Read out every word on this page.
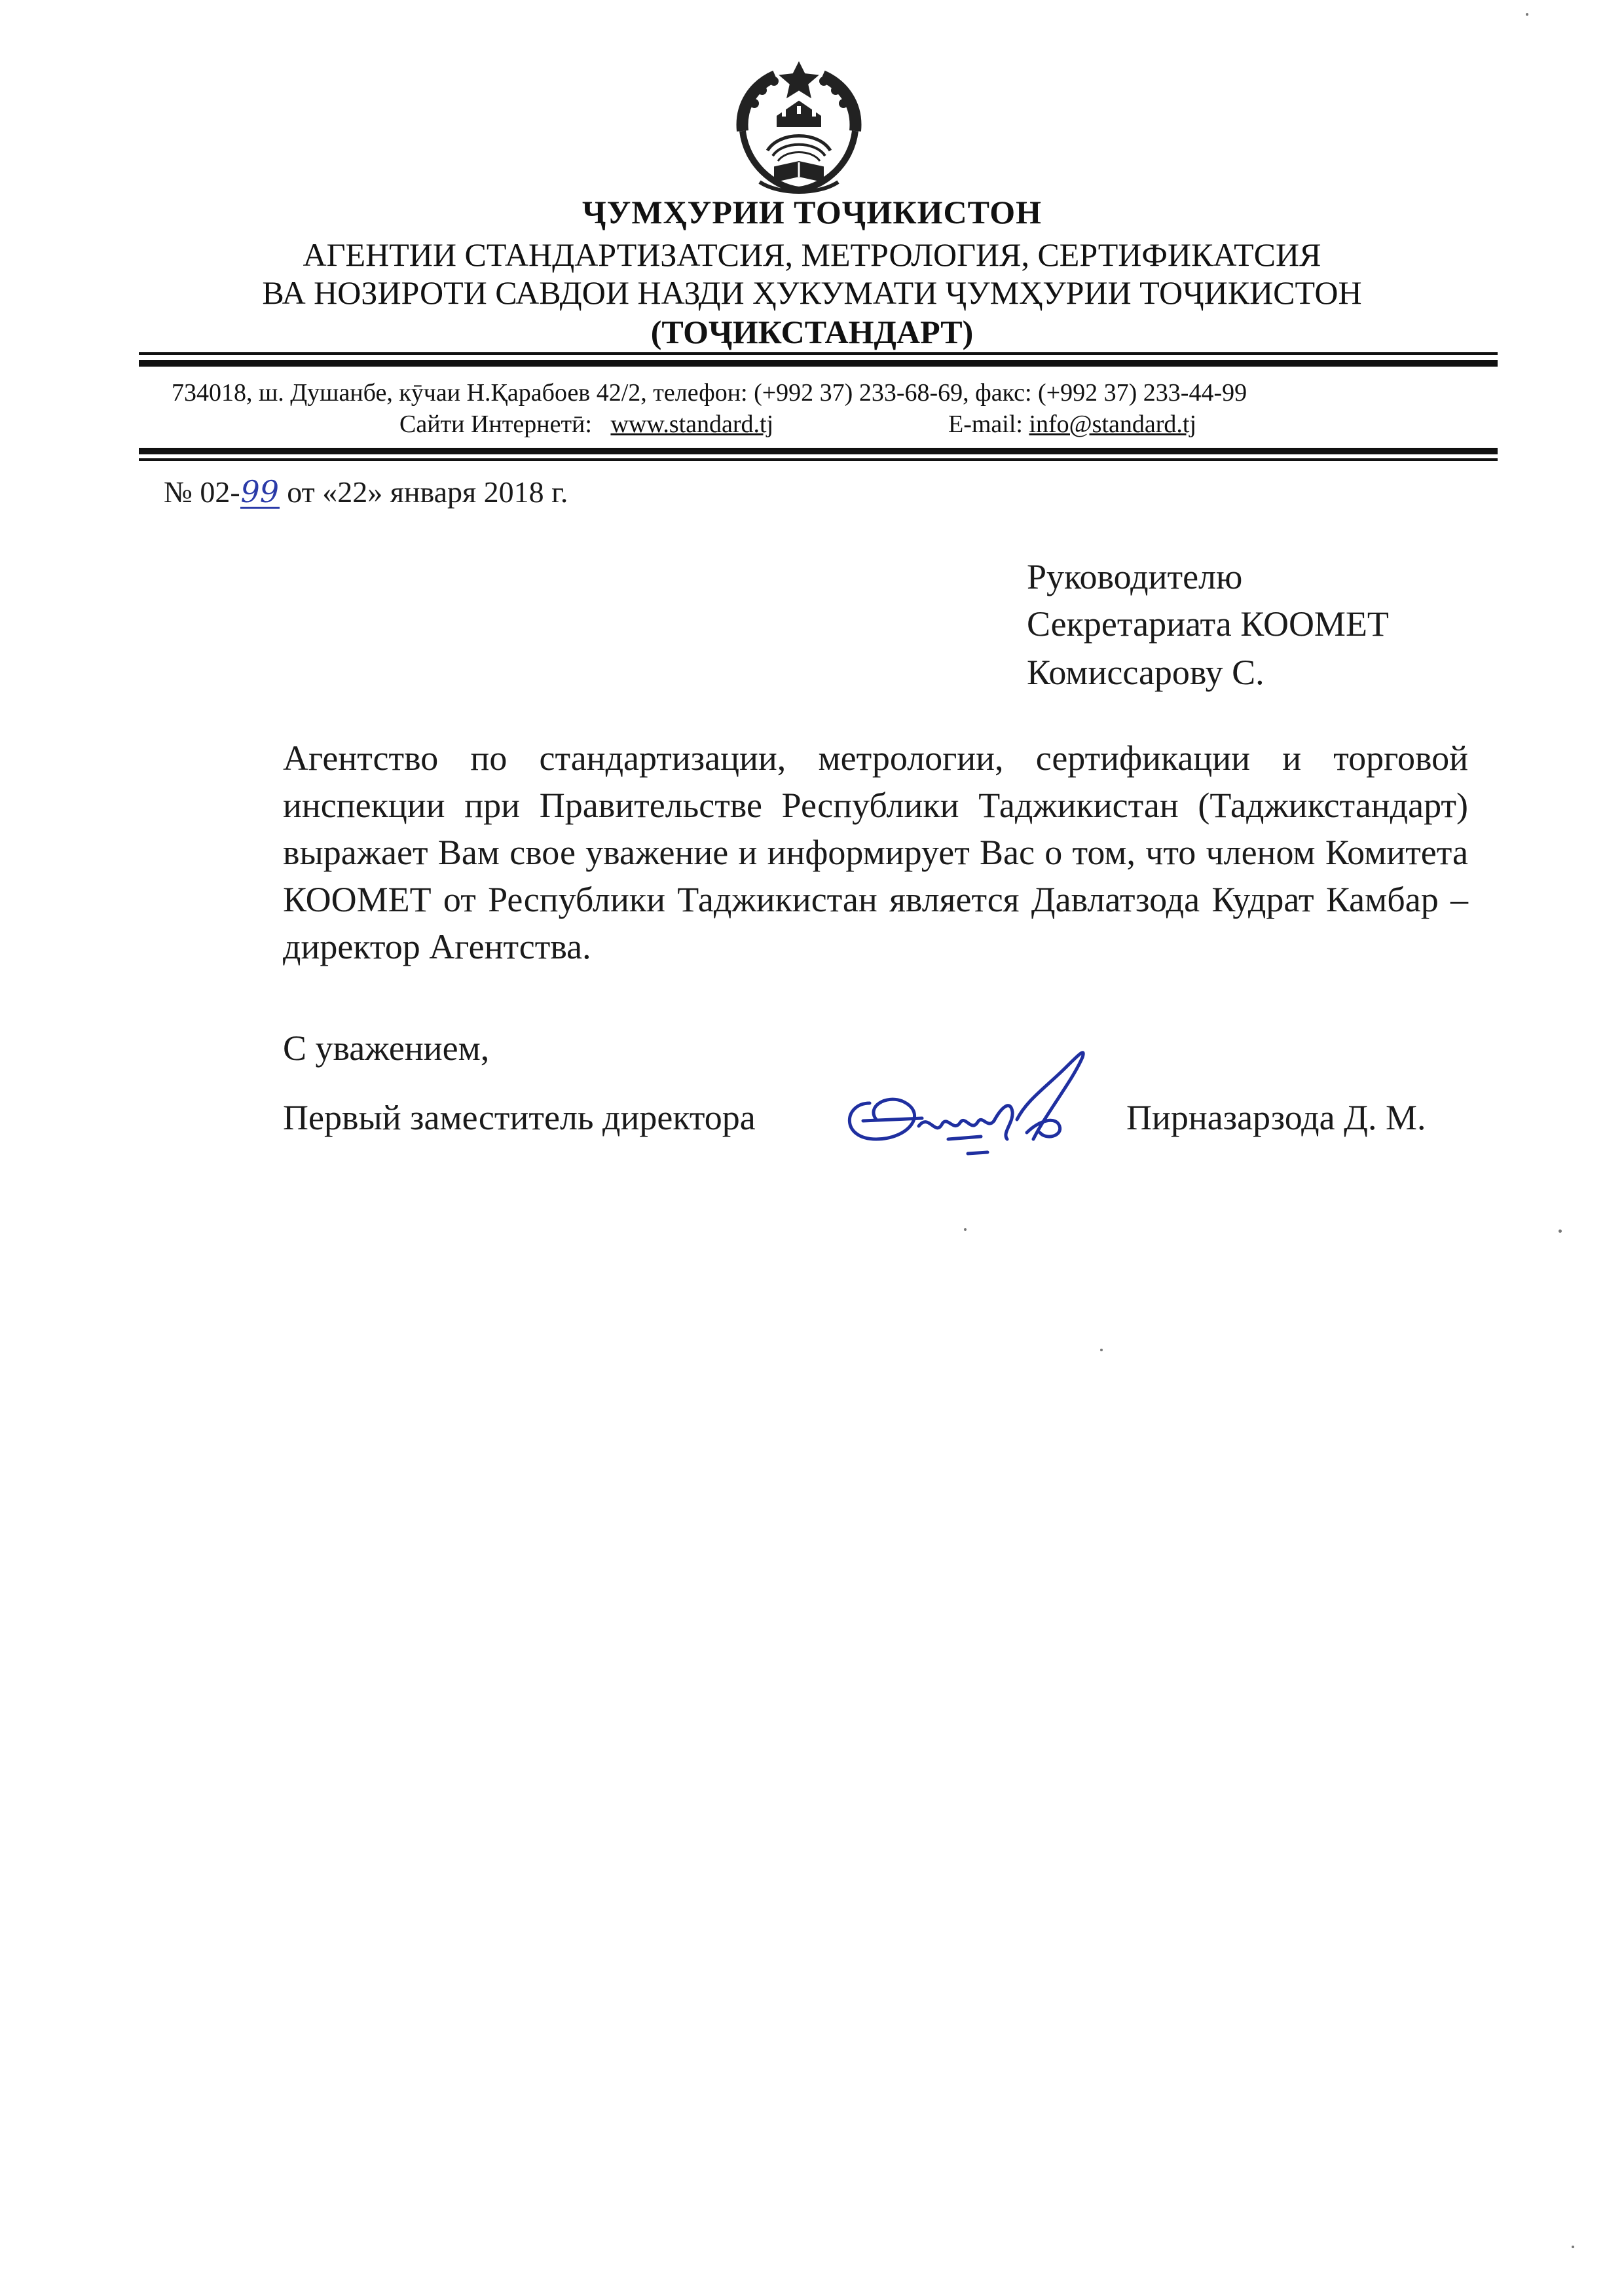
ҶУМҲУРИИ ТОҶИКИСТОН
АГЕНТИИ СТАНДАРТИЗАТСИЯ, МЕТРОЛОГИЯ, СЕРТИФИКАТСИЯ
ВА НОЗИРОТИ САВДОИ НАЗДИ ҲУКУМАТИ ҶУМҲУРИИ ТОҶИКИСТОН
(ТОҶИКСТАНДАРТ)
734018, ш. Душанбе, кӯчаи Н.Қарабоев 42/2, телефон: (+992 37) 233-68-69, факс: (+992 37) 233-44-99
Сайти Интернетӣ: www.standard.tj	E-mail: info@standard.tj
№ 02-99 от «22» января 2018 г.
Руководителю
Секретариата КООМЕТ
Комиссарову С.

Агентство по стандартизации, метрологии, сертификации и торговой инспекции при Правительстве Республики Таджикистан (Таджикстандарт) выражает Вам свое уважение и информирует Вас о том, что членом Комитета КООМЕТ от Республики Таджикистан является Давлатзода Кудрат Камбар – директор Агентства.

С уважением,
Первый заместитель директора	Пирназарзода Д. М.
